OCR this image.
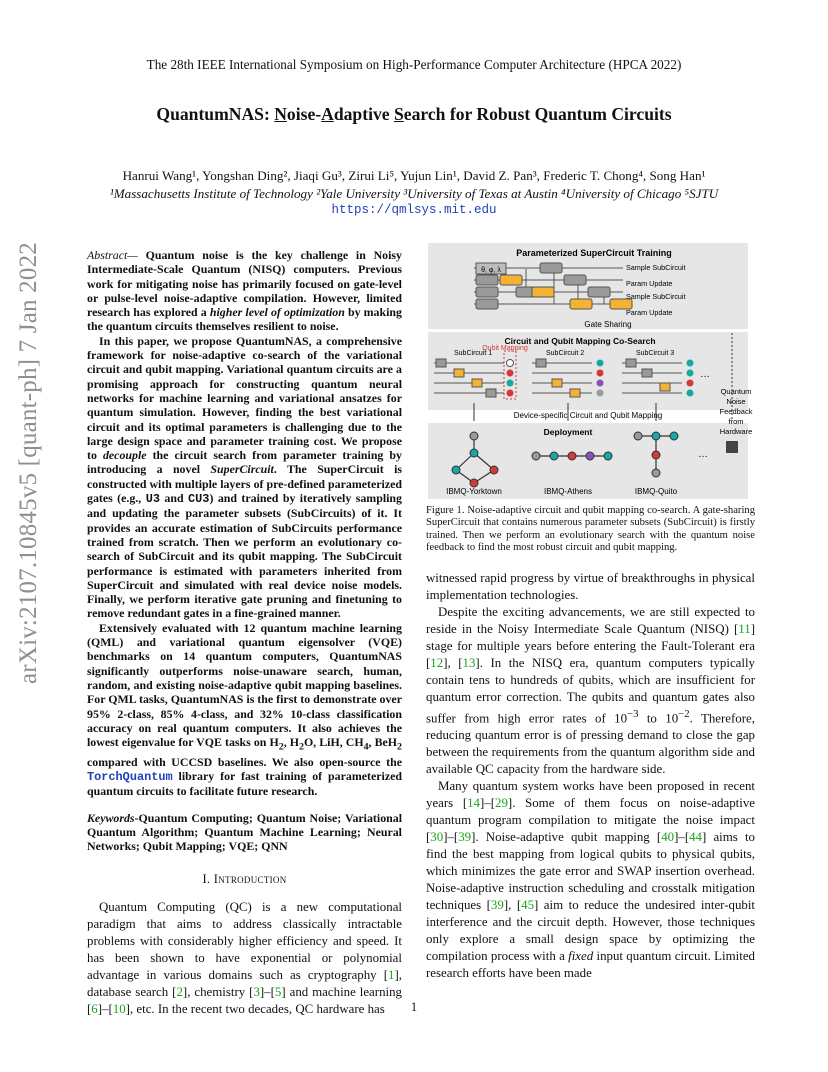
The 28th IEEE International Symposium on High-Performance Computer Architecture (HPCA 2022)
QuantumNAS: Noise-Adaptive Search for Robust Quantum Circuits
Hanrui Wang¹, Yongshan Ding², Jiaqi Gu³, Zirui Li⁵, Yujun Lin¹, David Z. Pan³, Frederic T. Chong⁴, Song Han¹
¹Massachusetts Institute of Technology ²Yale University ³University of Texas at Austin ⁴University of Chicago ⁵SJTU
https://qmlsys.mit.edu
arXiv:2107.10845v5 [quant-ph] 7 Jan 2022	Abstract— Quantum noise is the key challenge in Noisy Intermediate-Scale Quantum (NISQ) computers. Previous work for mitigating noise has primarily focused on gate-level or pulse-level noise-adaptive compilation. However, limited research has explored a higher level of optimization by making the quantum circuits themselves resilient to noise.

In this paper, we propose QuantumNAS, a comprehensive framework for noise-adaptive co-search of the variational circuit and qubit mapping. Variational quantum circuits are a promising approach for constructing quantum neural networks for machine learning and variational ansatzes for quantum simulation. However, finding the best variational circuit and its optimal parameters is challenging due to the large design space and parameter training cost. We propose to decouple the circuit search from parameter training by introducing a novel SuperCircuit. The SuperCircuit is constructed with multiple layers of pre-defined parameterized gates (e.g., U3 and CU3) and trained by iteratively sampling and updating the parameter subsets (SubCircuits) of it. It provides an accurate estimation of SubCircuits performance trained from scratch. Then we perform an evolutionary co-search of SubCircuit and its qubit mapping. The SubCircuit performance is estimated with parameters inherited from SuperCircuit and simulated with real device noise models. Finally, we perform iterative gate pruning and finetuning to remove redundant gates in a fine-grained manner.

Extensively evaluated with 12 quantum machine learning (QML) and variational quantum eigensolver (VQE) benchmarks on 14 quantum computers, QuantumNAS significantly outperforms noise-unaware search, human, random, and existing noise-adaptive qubit mapping baselines. For QML tasks, QuantumNAS is the first to demonstrate over 95% 2-class, 85% 4-class, and 32% 10-class classification accuracy on real quantum computers. It also achieves the lowest eigenvalue for VQE tasks on $H_2$, $H_2O$, LiH, $CH_4$, BeH$_2$ compared with UCCSD baselines. We also open-source the TorchQuantum library for fast training of parameterized quantum circuits to facilitate future research.

Keywords-Quantum Computing; Quantum Noise; Variational Quantum Algorithm; Quantum Machine Learning; Neural Networks; Qubit Mapping; VQE; QNN
I. Introduction

Quantum Computing (QC) is a new computational paradigm that aims to address classically intractable problems with considerably higher efficiency and speed. It has been shown to have exponential or polynomial advantage in various domains such as cryptography [1], database search [2], chemistry [3]–[5] and machine learning [6]–[10], etc. In the recent two decades, QC hardware has

Parameterized SuperCircuit Training
θ, φ, λ	Sample SubCircuit
Param Update
Sample SubCircuit
Param Update
Gate Sharing
Circuit and Qubit Mapping Co-Search
Qubit Mapping
SubCircuit 1	SubCircuit 2	SubCircuit 3
…
Device-specific Circuit and Qubit Mapping
Deployment
…
IBMQ-Yorktown	IBMQ-Athens	IBMQ-Quito
Quantum
Noise
Feedback
from
Hardware
Figure 1. Noise-adaptive circuit and qubit mapping co-search. A gate-sharing SuperCircuit that contains numerous parameter subsets (SubCircuit) is firstly trained. Then we perform an evolutionary search with the quantum noise feedback to find the most robust circuit and qubit mapping.

witnessed rapid progress by virtue of breakthroughs in physical implementation technologies.

Despite the exciting advancements, we are still expected to reside in the Noisy Intermediate Scale Quantum (NISQ) [11] stage for multiple years before entering the Fault-Tolerant era [12], [13]. In the NISQ era, quantum computers typically contain tens to hundreds of qubits, which are insufficient for quantum error correction. The qubits and quantum gates also suffer from high error rates of $10^{-3}$ to $10^{-2}$. Therefore, reducing quantum error is of pressing demand to close the gap between the requirements from the quantum algorithm side and available QC capacity from the hardware side.

Many quantum system works have been proposed in recent years [14]–[29]. Some of them focus on noise-adaptive quantum program compilation to mitigate the noise impact [30]–[39]. Noise-adaptive qubit mapping [40]–[44] aims to find the best mapping from logical qubits to physical qubits, which minimizes the gate error and SWAP insertion overhead. Noise-adaptive instruction scheduling and crosstalk mitigation techniques [39], [45] aim to reduce the undesired inter-qubit interference and the circuit depth. However, those techniques only explore a small design space by optimizing the compilation process with a fixed input quantum circuit. Limited research efforts have been made

1
